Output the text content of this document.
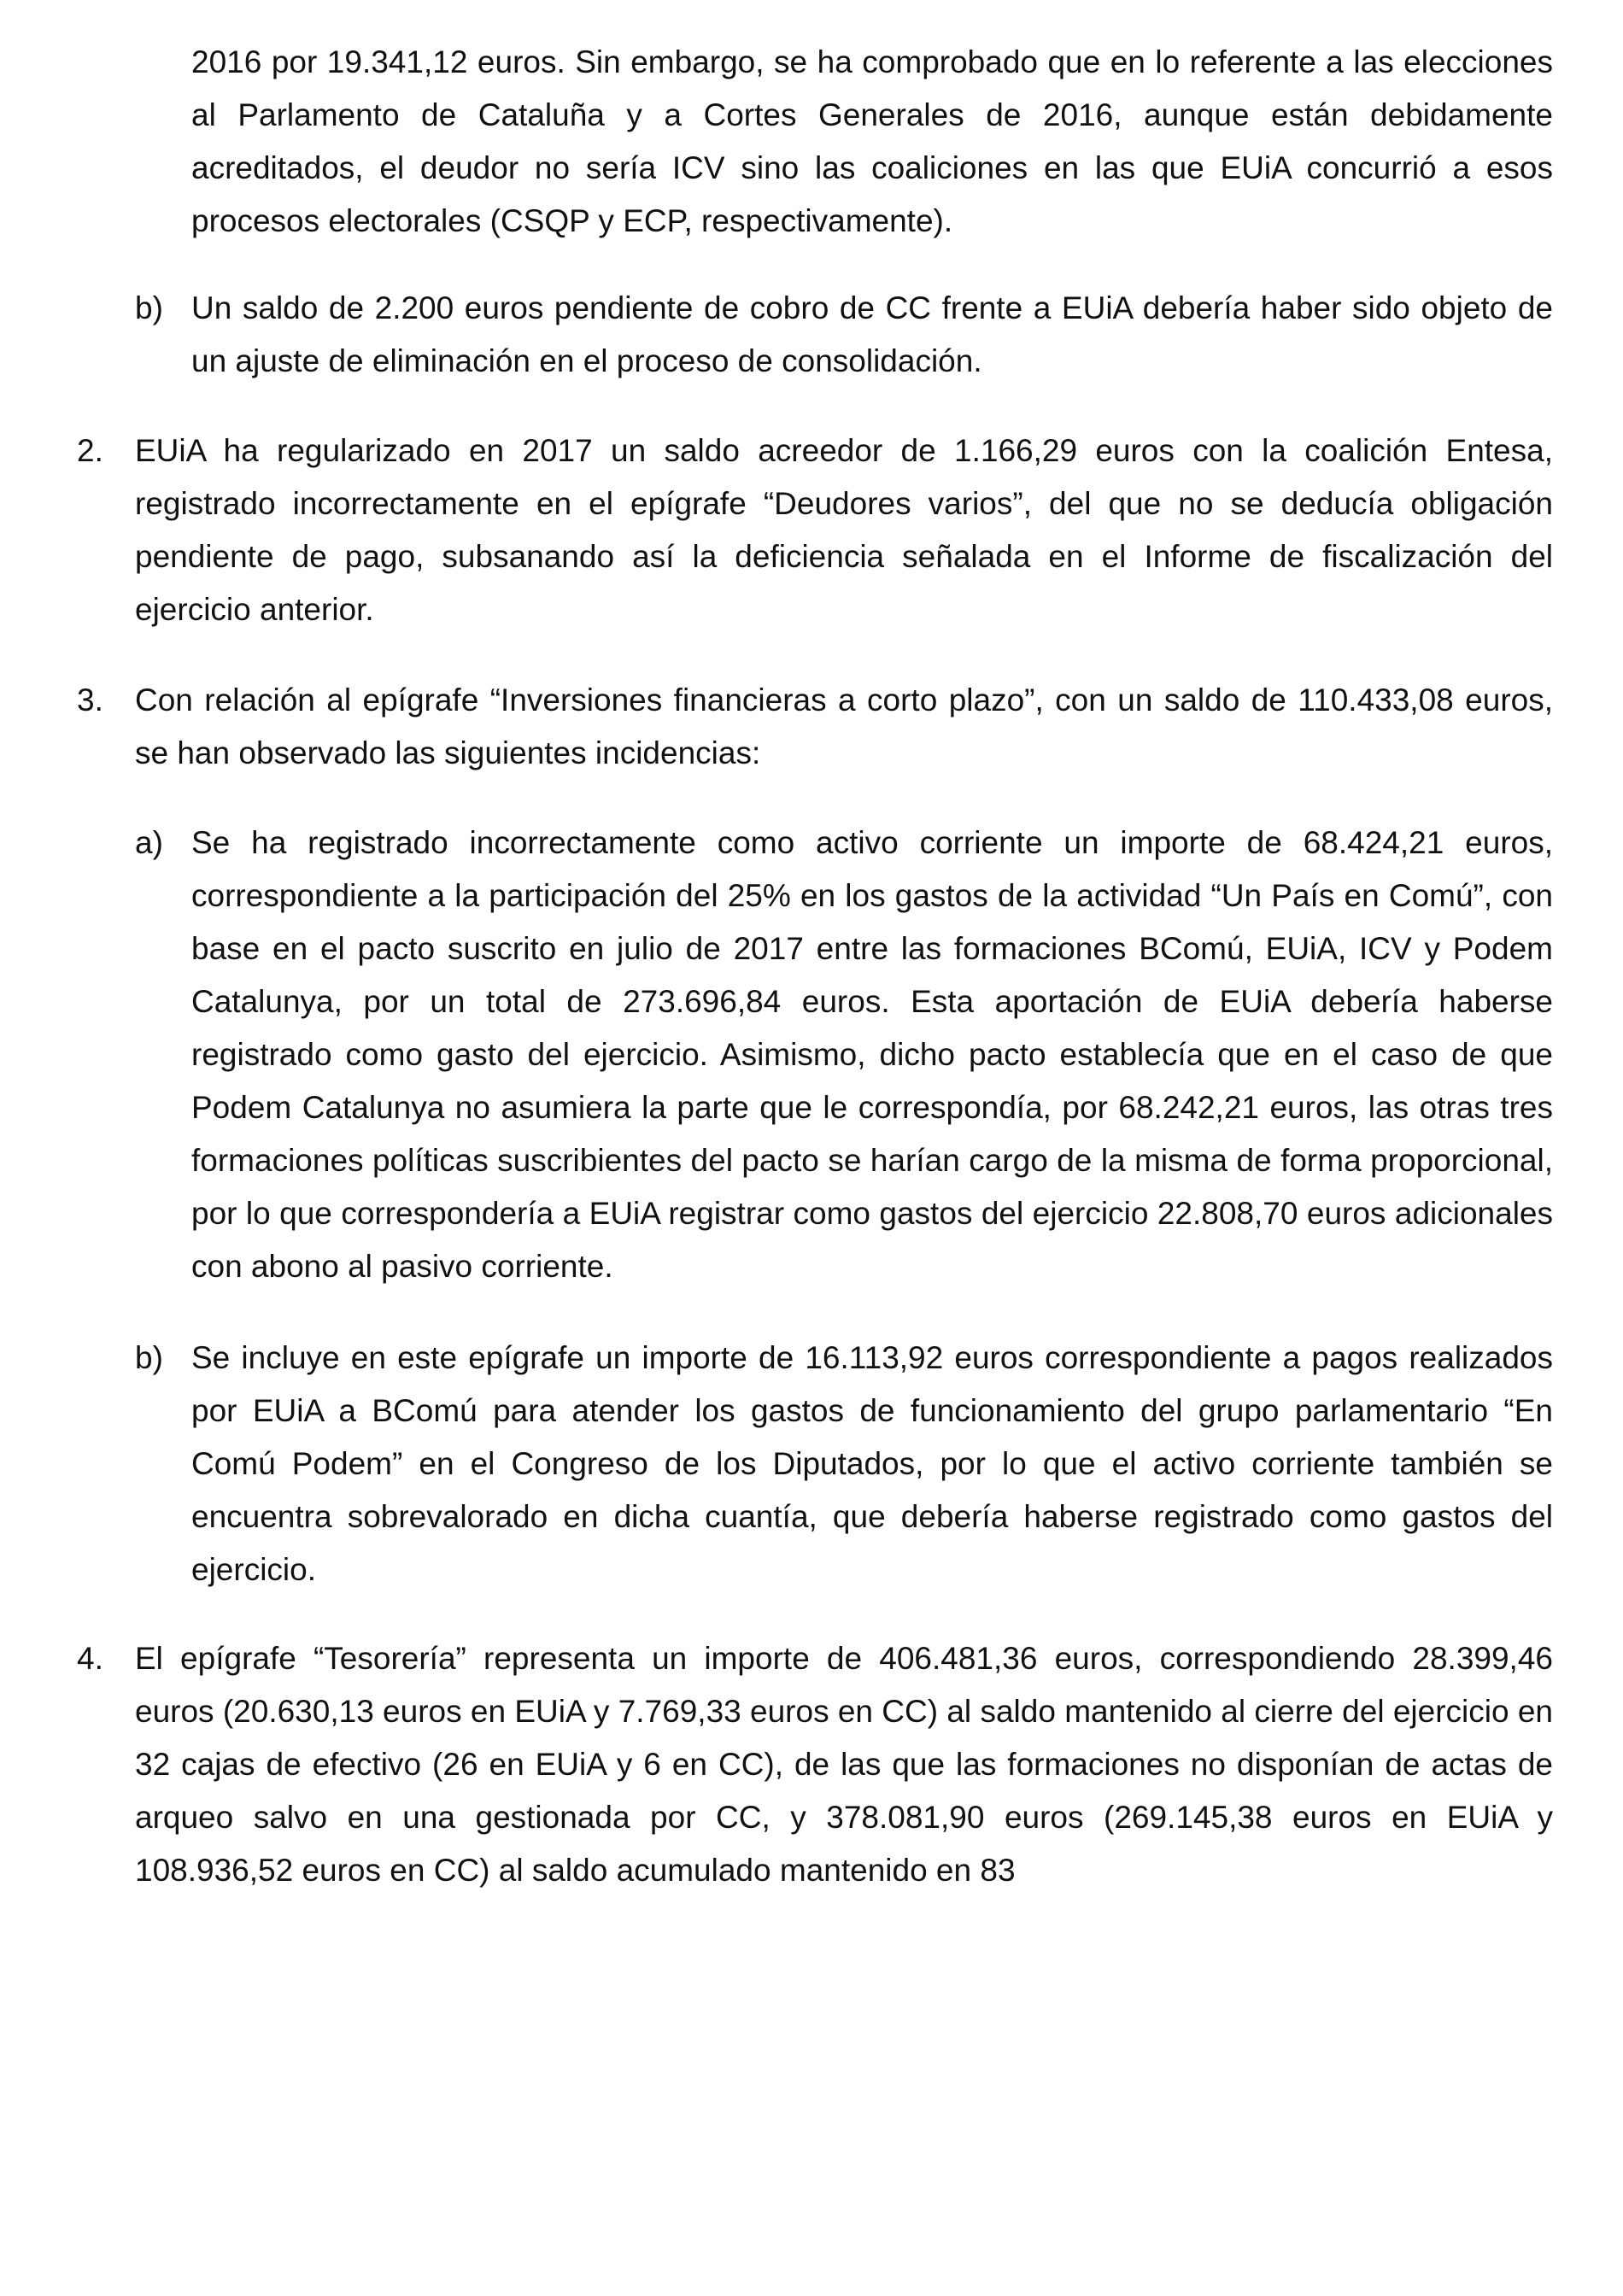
2016 por 19.341,12 euros. Sin embargo, se ha comprobado que en lo referente a las elecciones al Parlamento de Cataluña y a Cortes Generales de 2016, aunque están debidamente acreditados, el deudor no sería ICV sino las coaliciones en las que EUiA concurrió a esos procesos electorales (CSQP y ECP, respectivamente).

b) Un saldo de 2.200 euros pendiente de cobro de CC frente a EUiA debería haber sido objeto de un ajuste de eliminación en el proceso de consolidación.

2. EUiA ha regularizado en 2017 un saldo acreedor de 1.166,29 euros con la coalición Entesa, registrado incorrectamente en el epígrafe “Deudores varios”, del que no se deducía obligación pendiente de pago, subsanando así la deficiencia señalada en el Informe de fiscalización del ejercicio anterior.

3. Con relación al epígrafe “Inversiones financieras a corto plazo”, con un saldo de 110.433,08 euros, se han observado las siguientes incidencias:

a) Se ha registrado incorrectamente como activo corriente un importe de 68.424,21 euros, correspondiente a la participación del 25% en los gastos de la actividad “Un País en Comú”, con base en el pacto suscrito en julio de 2017 entre las formaciones BComú, EUiA, ICV y Podem Catalunya, por un total de 273.696,84 euros. Esta aportación de EUiA debería haberse registrado como gasto del ejercicio. Asimismo, dicho pacto establecía que en el caso de que Podem Catalunya no asumiera la parte que le correspondía, por 68.242,21 euros, las otras tres formaciones políticas suscribientes del pacto se harían cargo de la misma de forma proporcional, por lo que correspondería a EUiA registrar como gastos del ejercicio 22.808,70 euros adicionales con abono al pasivo corriente.

b) Se incluye en este epígrafe un importe de 16.113,92 euros correspondiente a pagos realizados por EUiA a BComú para atender los gastos de funcionamiento del grupo parlamentario “En Comú Podem” en el Congreso de los Diputados, por lo que el activo corriente también se encuentra sobrevalorado en dicha cuantía, que debería haberse registrado como gastos del ejercicio.

4. El epígrafe “Tesorería” representa un importe de 406.481,36 euros, correspondiendo 28.399,46 euros (20.630,13 euros en EUiA y 7.769,33 euros en CC) al saldo mantenido al cierre del ejercicio en 32 cajas de efectivo (26 en EUiA y 6 en CC), de las que las formaciones no disponían de actas de arqueo salvo en una gestionada por CC, y 378.081,90 euros (269.145,38 euros en EUiA y 108.936,52 euros en CC) al saldo acumulado mantenido en 83
